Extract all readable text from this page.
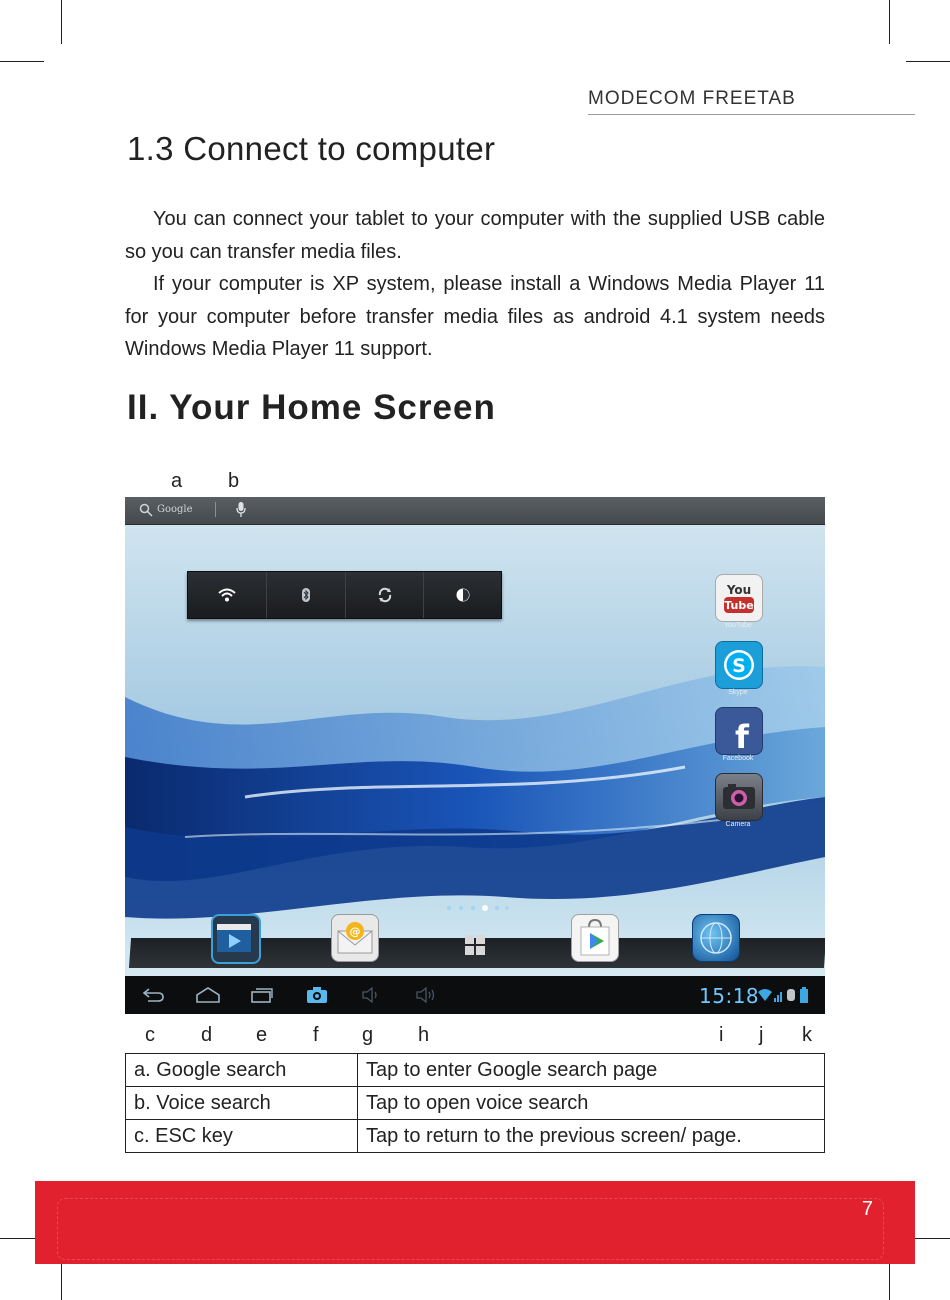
MODECOM FREETAB
1.3 Connect to computer
You can connect your tablet to your computer with the supplied USB cable so you can transfer media files.
If your computer is XP system, please install a Windows Media Player 11 for your computer before transfer media files as android 4.1 system needs Windows Media Player 11 support.
II. Your Home Screen
a b
Google
You
Tube
YouTube
S
Skype
f
Facebook
Camera
@
15:18
c d e f g h	i j k
a. Google search	Tap to enter Google search page
b. Voice search	Tap to open voice search
c. ESC key	Tap to return to the previous screen/ page.
7
